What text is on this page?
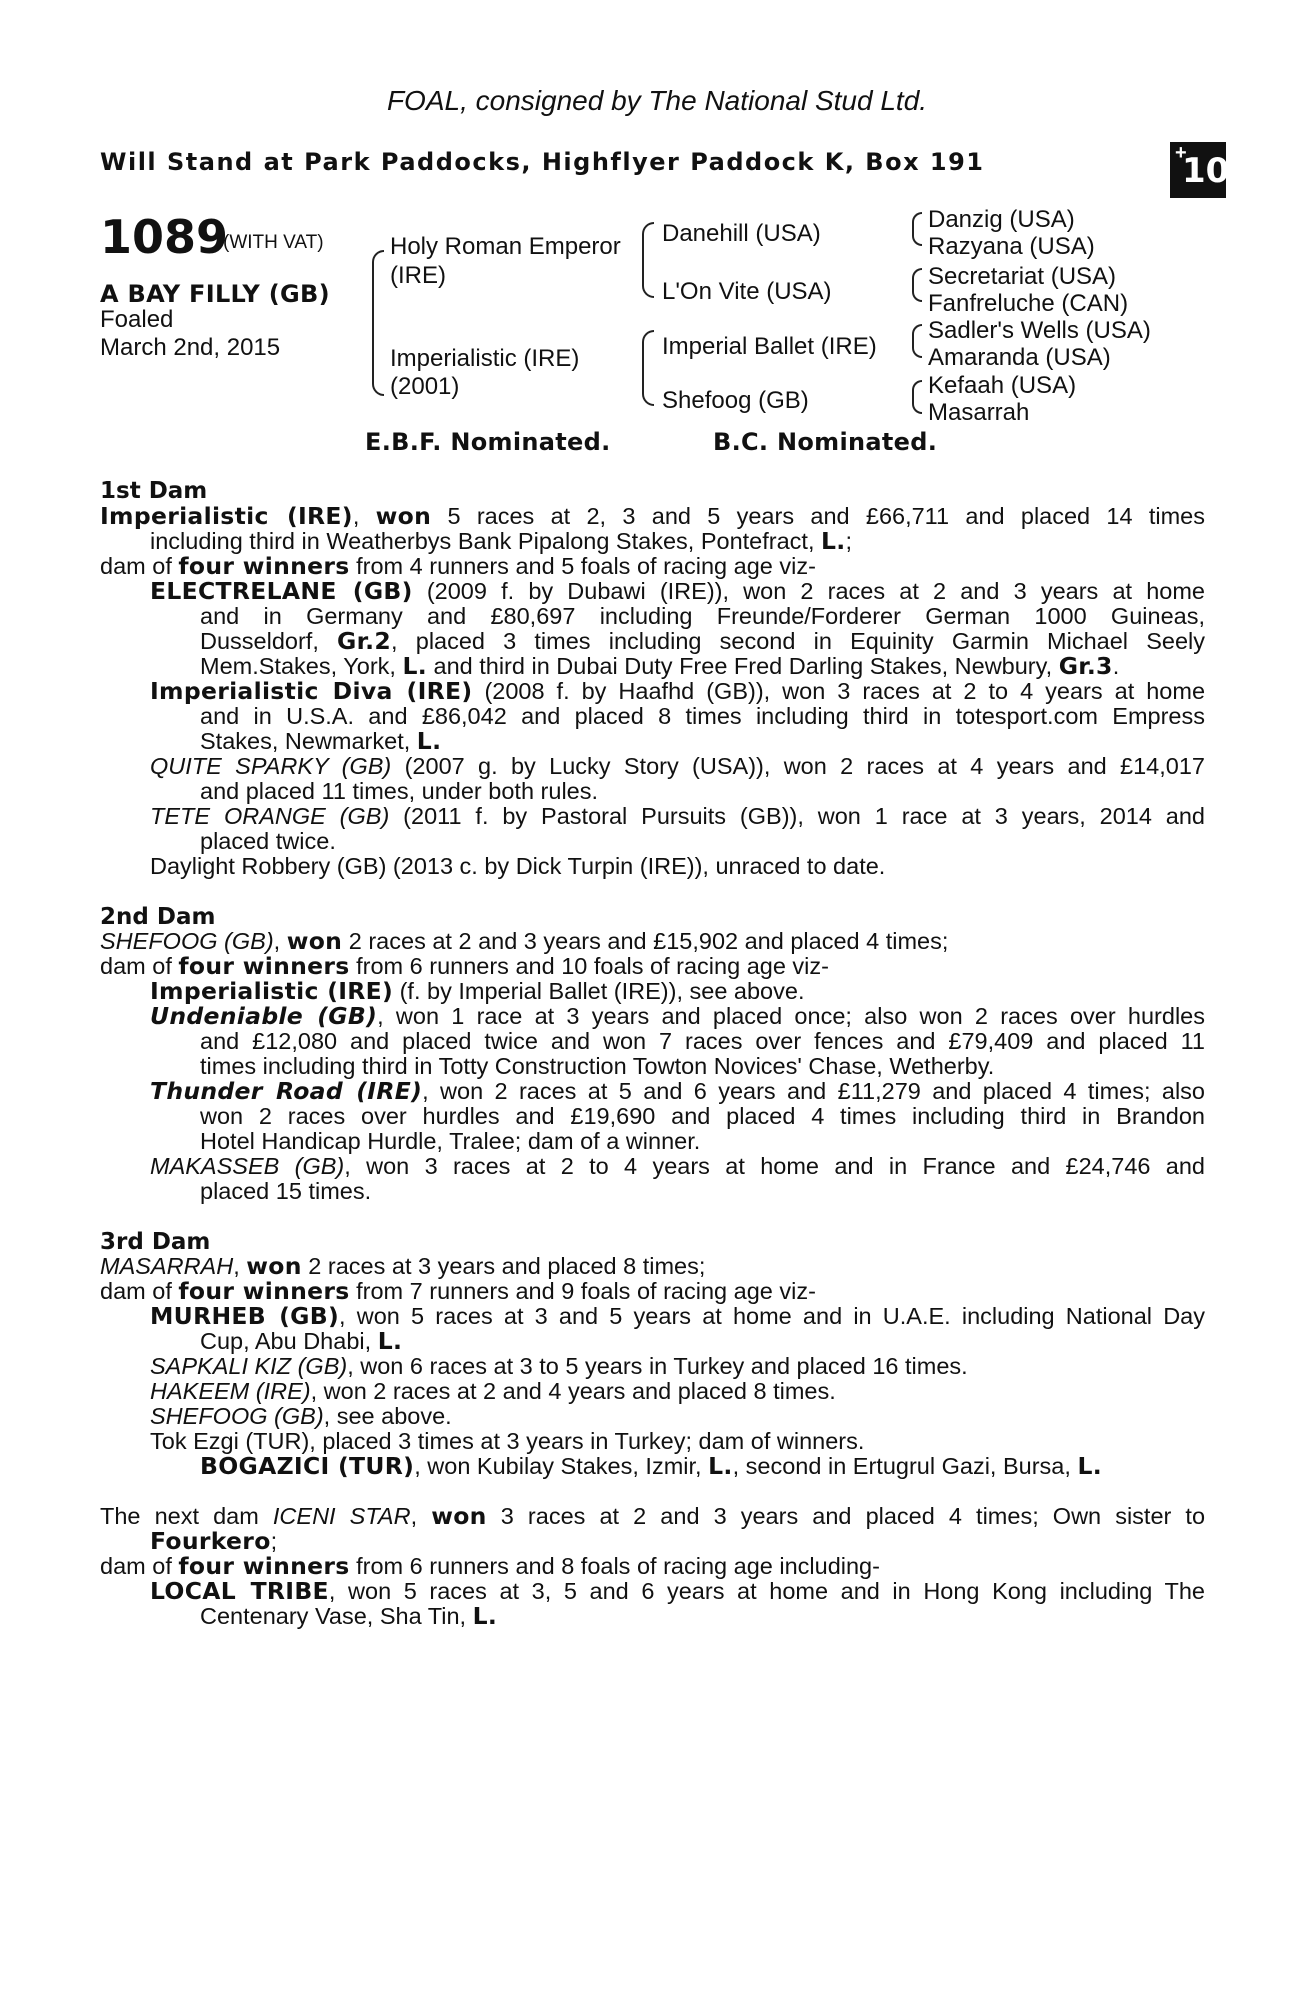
FOAL, consigned by The National Stud Ltd.
Will Stand at Park Paddocks, Highflyer Paddock K, Box 191	+
10
1089
(WITH VAT)
A BAY FILLY (GB)
Foaled
March 2nd, 2015
Holy Roman Emperor
(IRE)
Imperialistic (IRE)
(2001)
Danehill (USA)
L'On Vite (USA)
Imperial Ballet (IRE)
Shefoog (GB)
Danzig (USA)
Razyana (USA)
Secretariat (USA)
Fanfreluche (CAN)
Sadler's Wells (USA)
Amaranda (USA)
Kefaah (USA)
Masarrah
E.B.F. Nominated.	B.C. Nominated.
1st Dam
Imperialistic (IRE), won 5 races at 2, 3 and 5 years and £66,711 and placed 14 times
including third in Weatherbys Bank Pipalong Stakes, Pontefract, L.;
dam of four winners from 4 runners and 5 foals of racing age viz-
ELECTRELANE (GB) (2009 f. by Dubawi (IRE)), won 2 races at 2 and 3 years at home
and in Germany and £80,697 including Freunde/Forderer German 1000 Guineas,
Dusseldorf, Gr.2, placed 3 times including second in Equinity Garmin Michael Seely
Mem.Stakes, York, L. and third in Dubai Duty Free Fred Darling Stakes, Newbury, Gr.3.
Imperialistic Diva (IRE) (2008 f. by Haafhd (GB)), won 3 races at 2 to 4 years at home
and in U.S.A. and £86,042 and placed 8 times including third in totesport.com Empress
Stakes, Newmarket, L.
QUITE SPARKY (GB) (2007 g. by Lucky Story (USA)), won 2 races at 4 years and £14,017
and placed 11 times, under both rules.
TETE ORANGE (GB) (2011 f. by Pastoral Pursuits (GB)), won 1 race at 3 years, 2014 and
placed twice.
Daylight Robbery (GB) (2013 c. by Dick Turpin (IRE)), unraced to date.
2nd Dam
SHEFOOG (GB), won 2 races at 2 and 3 years and £15,902 and placed 4 times;
dam of four winners from 6 runners and 10 foals of racing age viz-
Imperialistic (IRE) (f. by Imperial Ballet (IRE)), see above.
Undeniable (GB), won 1 race at 3 years and placed once; also won 2 races over hurdles
and £12,080 and placed twice and won 7 races over fences and £79,409 and placed 11
times including third in Totty Construction Towton Novices' Chase, Wetherby.
Thunder Road (IRE), won 2 races at 5 and 6 years and £11,279 and placed 4 times; also
won 2 races over hurdles and £19,690 and placed 4 times including third in Brandon
Hotel Handicap Hurdle, Tralee; dam of a winner.
MAKASSEB (GB), won 3 races at 2 to 4 years at home and in France and £24,746 and
placed 15 times.
3rd Dam
MASARRAH, won 2 races at 3 years and placed 8 times;
dam of four winners from 7 runners and 9 foals of racing age viz-
MURHEB (GB), won 5 races at 3 and 5 years at home and in U.A.E. including National Day
Cup, Abu Dhabi, L.
SAPKALI KIZ (GB), won 6 races at 3 to 5 years in Turkey and placed 16 times.
HAKEEM (IRE), won 2 races at 2 and 4 years and placed 8 times.
SHEFOOG (GB), see above.
Tok Ezgi (TUR), placed 3 times at 3 years in Turkey; dam of winners.
BOGAZICI (TUR), won Kubilay Stakes, Izmir, L., second in Ertugrul Gazi, Bursa, L.
The next dam ICENI STAR, won 3 races at 2 and 3 years and placed 4 times; Own sister to
Fourkero;
dam of four winners from 6 runners and 8 foals of racing age including-
LOCAL TRIBE, won 5 races at 3, 5 and 6 years at home and in Hong Kong including The
Centenary Vase, Sha Tin, L.
